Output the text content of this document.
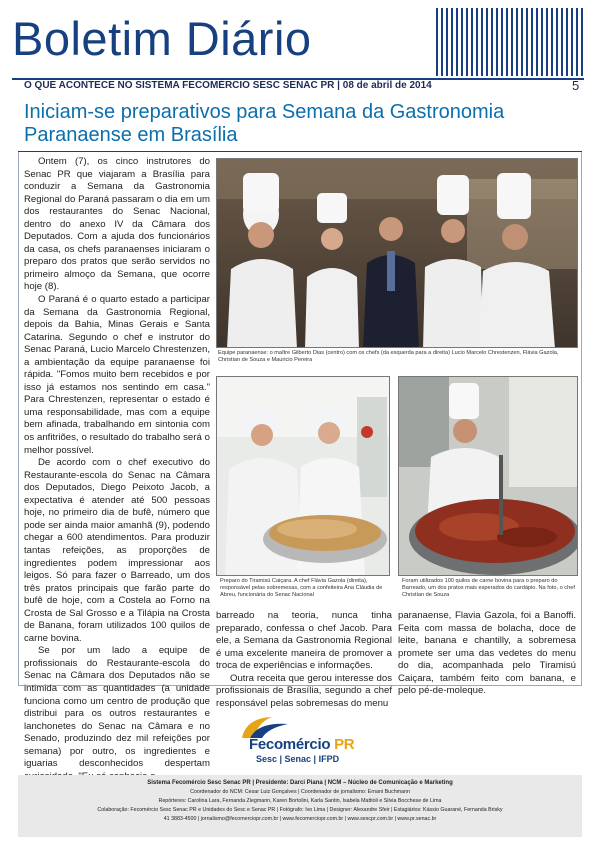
Boletim Diário
O QUE ACONTECE NO SISTEMA FECOMÉRCIO SESC SENAC PR | 08 de abril de 2014	5
Iniciam-se preparativos para Semana da Gastronomia Paranaense em Brasília

Ontem (7), os cinco instrutores do Senac PR que viajaram a Brasília para conduzir a Semana da Gastronomia Regional do Paraná passaram o dia em um dos restaurantes do Senac Nacional, dentro do anexo IV da Câmara dos Deputados. Com a ajuda dos funcionários da casa, os chefs paranaenses iniciaram o preparo dos pratos que serão servidos no primeiro almoço da Semana, que ocorre hoje (8).

O Paraná é o quarto estado a participar da Semana da Gastronomia Regional, depois da Bahia, Minas Gerais e Santa Catarina. Segundo o chef e instrutor do Senac Paraná, Lucio Marcelo Chrestenzen, a ambientação da equipe paranaense foi rápida. "Fomos muito bem recebidos e por isso já estamos nos sentindo em casa." Para Chrestenzen, representar o estado é uma responsabilidade, mas com a equipe bem afinada, trabalhando em sintonia com os anfitriões, o resultado do trabalho será o melhor possível.

De acordo com o chef executivo do Restaurante-escola do Senac na Câmara dos Deputados, Diego Peixoto Jacob, a expectativa é atender até 500 pessoas hoje, no primeiro dia de bufê, número que pode ser ainda maior amanhã (9), podendo chegar a 600 atendimentos. Para produzir tantas refeições, as proporções de ingredientes podem impressionar aos leigos. Só para fazer o Barreado, um dos três pratos principais que farão parte do bufê de hoje, com a Costela ao Forno na Crosta de Sal Grosso e a Tilápia na Crosta de Banana, foram utilizados 100 quilos de carne bovina.

Se por um lado a equipe de profissionais do Restaurante-escola do Senac na Câmara dos Deputados não se intimida com as quantidades (a unidade funciona como um centro de produção que distribui para os outros restaurantes e lanchonetes do Senac na Câmara e no Senado, produzindo dez mil refeições por semana) por outro, os ingredientes e iguarias desconhecidos despertam

Equipe paranaense: o maître Gilberto Dias (centro) com os chefs (da esquerda para a direita) Lucio Marcelo Chrestenzen, Flávia Gazola, Christian de Souza e Mauricio Pereira
Preparo do Tiramisú Caiçara. A chef Flávia Gazola (direita), responsável pelas sobremesas, com a confeiteira Ana Cláudia de Abreu, funcionária do Senac Nacional
Foram utilizados 100 quilos de carne bovina para o preparo do Barreado, um dos pratos mais esperados do cardápio. Na foto, o chef Christian de Souza

barreado na teoria, nunca tinha preparado, confessa o chef Jacob. Para ele, a Semana da Gastronomia Regional é uma excelente maneira de promover a troca de experiências e informações.

Outra receita que gerou interesse dos profissionais de Brasília, segundo a chef responsável pelas sobremesas do menu

paranaense, Flavia Gazola, foi a Banoffi. Feita com massa de bolacha, doce de leite, banana e chantilly, a sobremesa promete ser uma das vedetes do menu do dia, acompanhada pelo Tiramisú Caiçara, também feito com banana, e pelo pé-de-moleque.

Fecomércio PR
Sesc | Senac | IFPD
Sistema Fecomércio Sesc Senac PR | Presidente: Darci Piana | NCM – Núcleo de Comunicação e Marketing
Coordenador do NCM: Cesar Luiz Gonçalves | Coordenador de jornalismo: Ernani Buchmann
Repórteres: Carolina Lara, Fernanda Ziegmann, Karen Bortolini, Karla Santin, Isabela Mattioli e Silvia Bocchese de Lima
Colaboração: Fecomércio Sesc Senac PR e Unidades do Sesc e Senac PR | Fotógrafo: Ivo Lima | Designer: Alexandre Sfeir | Estagiários: Kássio Guarané, Fernanda Brisky
41 3883-4500 | jornalismo@fecomerciopr.com.br | www.fecomerciopr.com.br | www.sescpr.com.br | www.pr.senac.br
